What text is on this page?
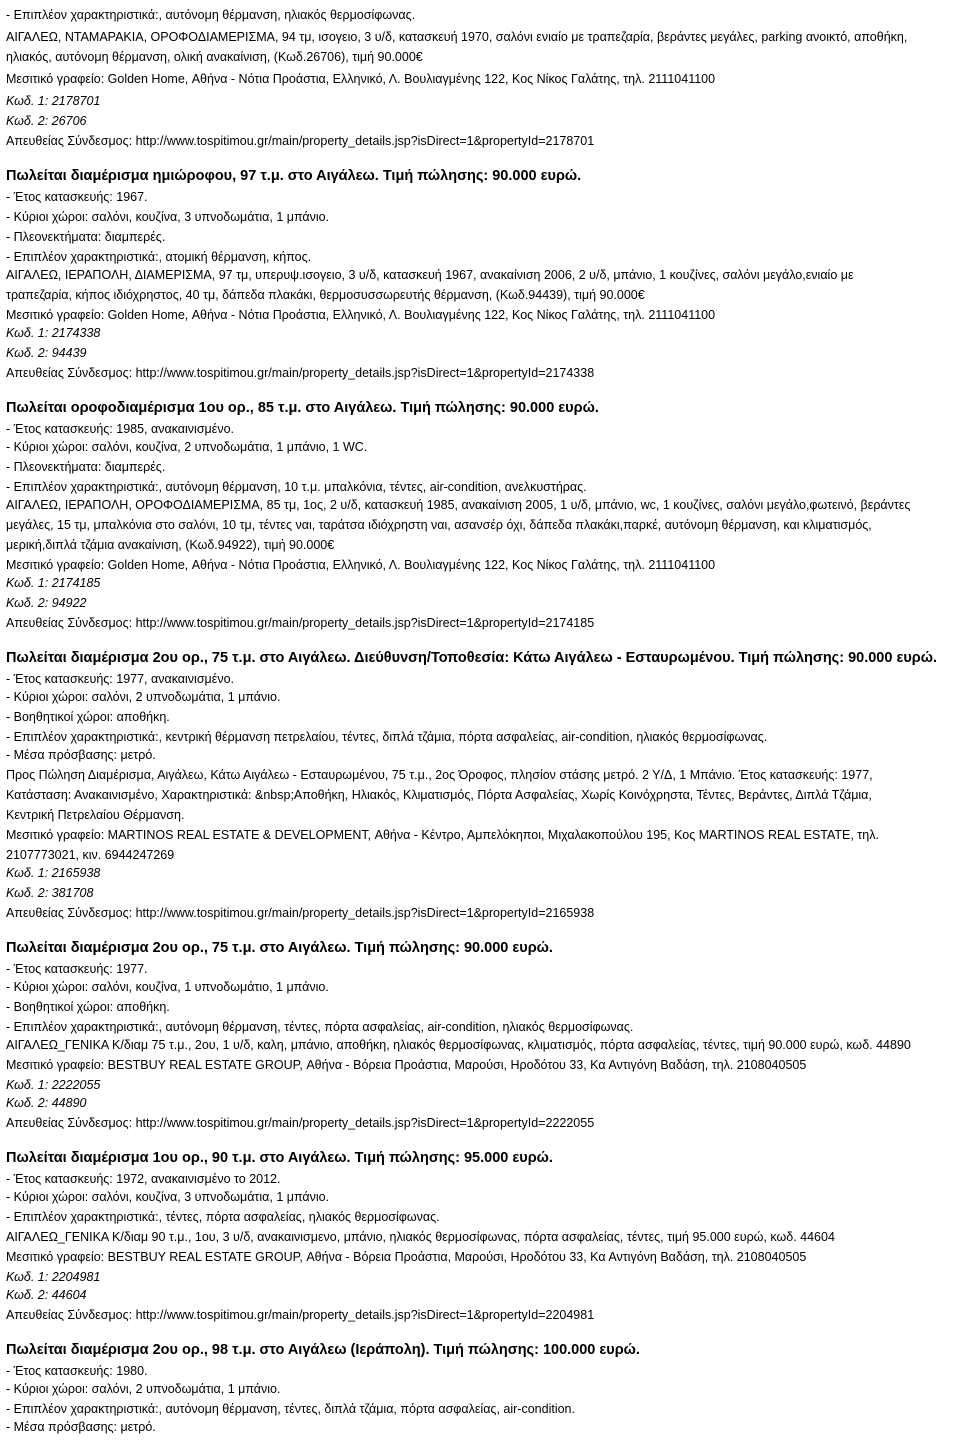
- Επιπλέον χαρακτηριστικά:, αυτόνομη θέρμανση, ηλιακός θερμοσίφωνας.
ΑΙΓΑΛΕΩ, ΝΤΑΜΑΡΑΚΙΑ, ΟΡΟΦΟΔΙΑΜΕΡΙΣΜΑ, 94 τμ, ισογειο, 3 υ/δ, κατασκευή 1970, σαλόνι ενιαίο με τραπεζαρία, βεράντες μεγάλες, parking ανοικτό, αποθήκη,
ηλιακός, αυτόνομη θέρμανση, ολική ανακαίνιση, (Κωδ.26706), τιμή 90.000€
Μεσιτικό γραφείο: Golden Home, Αθήνα - Νότια Προάστια, Ελληνικό, Λ. Βουλιαγμένης 122, Κος Νίκος Γαλάτης, τηλ. 2111041100
Κωδ. 1: 2178701
Κωδ. 2: 26706
Απευθείας Σύνδεσμος: http://www.tospitimou.gr/main/property_details.jsp?isDirect=1&propertyId=2178701
Πωλείται διαμέρισμα ημιώροφου, 97 τ.μ. στο Αιγάλεω. Τιμή πώλησης: 90.000 ευρώ.
- Έτος κατασκευής: 1967.
- Κύριοι χώροι: σαλόνι, κουζίνα, 3 υπνοδωμάτια, 1 μπάνιο.
- Πλεονεκτήματα: διαμπερές.
- Επιπλέον χαρακτηριστικά:, ατομική θέρμανση, κήπος.
ΑΙΓΑΛΕΩ, ΙΕΡΑΠΟΛΗ, ΔΙΑΜΕΡΙΣΜΑ, 97 τμ, υπερυψ.ισογειο, 3 υ/δ, κατασκευή 1967, ανακαίνιση 2006, 2 υ/δ, μπάνιο, 1 κουζίνες, σαλόνι μεγάλο,ενιαίο με
τραπεζαρία, κήπος ιδιόχρηστος, 40 τμ, δάπεδα πλακάκι, θερμοσυσσωρευτής θέρμανση, (Κωδ.94439), τιμή 90.000€
Μεσιτικό γραφείο: Golden Home, Αθήνα - Νότια Προάστια, Ελληνικό, Λ. Βουλιαγμένης 122, Κος Νίκος Γαλάτης, τηλ. 2111041100
Κωδ. 1: 2174338
Κωδ. 2: 94439
Απευθείας Σύνδεσμος: http://www.tospitimou.gr/main/property_details.jsp?isDirect=1&propertyId=2174338
Πωλείται οροφοδιαμέρισμα 1ου ορ., 85 τ.μ. στο Αιγάλεω. Τιμή πώλησης: 90.000 ευρώ.
- Έτος κατασκευής: 1985, ανακαινισμένο.
- Κύριοι χώροι: σαλόνι, κουζίνα, 2 υπνοδωμάτια, 1 μπάνιο, 1 WC.
- Πλεονεκτήματα: διαμπερές.
- Επιπλέον χαρακτηριστικά:, αυτόνομη θέρμανση, 10 τ.μ. μπαλκόνια, τέντες, air-condition, ανελκυστήρας.
ΑΙΓΑΛΕΩ, ΙΕΡΑΠΟΛΗ, ΟΡΟΦΟΔΙΑΜΕΡΙΣΜΑ, 85 τμ, 1ος, 2 υ/δ, κατασκευή 1985, ανακαίνιση 2005, 1 υ/δ, μπάνιο, wc, 1 κουζίνες, σαλόνι μεγάλο,φωτεινό, βεράντες
μεγάλες, 15 τμ, μπαλκόνια στο σαλόνι, 10 τμ, τέντες ναι, ταράτσα ιδιόχρηστη ναι, ασανσέρ όχι, δάπεδα πλακάκι,παρκέ, αυτόνομη θέρμανση, και κλιματισμός,
μερική,διπλά τζάμια ανακαίνιση, (Κωδ.94922), τιμή 90.000€
Μεσιτικό γραφείο: Golden Home, Αθήνα - Νότια Προάστια, Ελληνικό, Λ. Βουλιαγμένης 122, Κος Νίκος Γαλάτης, τηλ. 2111041100
Κωδ. 1: 2174185
Κωδ. 2: 94922
Απευθείας Σύνδεσμος: http://www.tospitimou.gr/main/property_details.jsp?isDirect=1&propertyId=2174185
Πωλείται διαμέρισμα 2ου ορ., 75 τ.μ. στο Αιγάλεω. Διεύθυνση/Τοποθεσία: Κάτω Αιγάλεω - Εσταυρωμένου. Τιμή πώλησης: 90.000 ευρώ.
- Έτος κατασκευής: 1977, ανακαινισμένο.
- Κύριοι χώροι: σαλόνι, 2 υπνοδωμάτια, 1 μπάνιο.
- Βοηθητικοί χώροι: αποθήκη.
- Επιπλέον χαρακτηριστικά:, κεντρική θέρμανση πετρελαίου, τέντες, διπλά τζάμια, πόρτα ασφαλείας, air-condition, ηλιακός θερμοσίφωνας.
- Μέσα πρόσβασης: μετρό.
Προς Πώληση Διαμέρισμα, Αιγάλεω, Κάτω Αιγάλεω - Εσταυρωμένου, 75 τ.μ., 2ος Όροφος, πλησίον στάσης μετρό. 2 Υ/Δ, 1 Μπάνιο. Έτος κατασκευής: 1977,
Κατάσταση: Ανακαινισμένο, Χαρακτηριστικά: &nbsp;Αποθήκη, Ηλιακός, Κλιματισμός, Πόρτα Ασφαλείας, Χωρίς Κοινόχρηστα, Τέντες, Βεράντες, Διπλά Τζάμια,
Κεντρική Πετρελαίου Θέρμανση.
Μεσιτικό γραφείο: MARTINOS REAL ESTATE & DEVELOPMENT, Αθήνα - Κέντρο, Αμπελόκηποι, Μιχαλακοπούλου 195, Κος MARTINOS REAL ESTATE, τηλ.
2107773021, κιν. 6944247269
Κωδ. 1: 2165938
Κωδ. 2: 381708
Απευθείας Σύνδεσμος: http://www.tospitimou.gr/main/property_details.jsp?isDirect=1&propertyId=2165938
Πωλείται διαμέρισμα 2ου ορ., 75 τ.μ. στο Αιγάλεω. Τιμή πώλησης: 90.000 ευρώ.
- Έτος κατασκευής: 1977.
- Κύριοι χώροι: σαλόνι, κουζίνα, 1 υπνοδωμάτιο, 1 μπάνιο.
- Βοηθητικοί χώροι: αποθήκη.
- Επιπλέον χαρακτηριστικά:, αυτόνομη θέρμανση, τέντες, πόρτα ασφαλείας, air-condition, ηλιακός θερμοσίφωνας.
ΑΙΓΑΛΕΩ_ΓΕΝΙΚΑ Κ/διαμ 75 τ.μ., 2ου, 1 υ/δ, καλη, μπάνιο, αποθήκη, ηλιακός θερμοσίφωνας, κλιματισμός, πόρτα ασφαλείας, τέντες, τιμή 90.000 ευρώ, κωδ. 44890
Μεσιτικό γραφείο: BESTBUY REAL ESTATE GROUP, Αθήνα - Βόρεια Προάστια, Μαρούσι, Ηροδότου 33, Κα Αντιγόνη Βαδάση, τηλ. 2108040505
Κωδ. 1: 2222055
Κωδ. 2: 44890
Απευθείας Σύνδεσμος: http://www.tospitimou.gr/main/property_details.jsp?isDirect=1&propertyId=2222055
Πωλείται διαμέρισμα 1ου ορ., 90 τ.μ. στο Αιγάλεω. Τιμή πώλησης: 95.000 ευρώ.
- Έτος κατασκευής: 1972, ανακαινισμένο το 2012.
- Κύριοι χώροι: σαλόνι, κουζίνα, 3 υπνοδωμάτια, 1 μπάνιο.
- Επιπλέον χαρακτηριστικά:, τέντες, πόρτα ασφαλείας, ηλιακός θερμοσίφωνας.
ΑΙΓΑΛΕΩ_ΓΕΝΙΚΑ Κ/διαμ 90 τ.μ., 1ου, 3 υ/δ, ανακαινισμενο, μπάνιο, ηλιακός θερμοσίφωνας, πόρτα ασφαλείας, τέντες, τιμή 95.000 ευρώ, κωδ. 44604
Μεσιτικό γραφείο: BESTBUY REAL ESTATE GROUP, Αθήνα - Βόρεια Προάστια, Μαρούσι, Ηροδότου 33, Κα Αντιγόνη Βαδάση, τηλ. 2108040505
Κωδ. 1: 2204981
Κωδ. 2: 44604
Απευθείας Σύνδεσμος: http://www.tospitimou.gr/main/property_details.jsp?isDirect=1&propertyId=2204981
Πωλείται διαμέρισμα 2ου ορ., 98 τ.μ. στο Αιγάλεω (Ιεράπολη). Τιμή πώλησης: 100.000 ευρώ.
- Έτος κατασκευής: 1980.
- Κύριοι χώροι: σαλόνι, 2 υπνοδωμάτια, 1 μπάνιο.
- Επιπλέον χαρακτηριστικά:, αυτόνομη θέρμανση, τέντες, διπλά τζάμια, πόρτα ασφαλείας, air-condition.
- Μέσα πρόσβασης: μετρό.
